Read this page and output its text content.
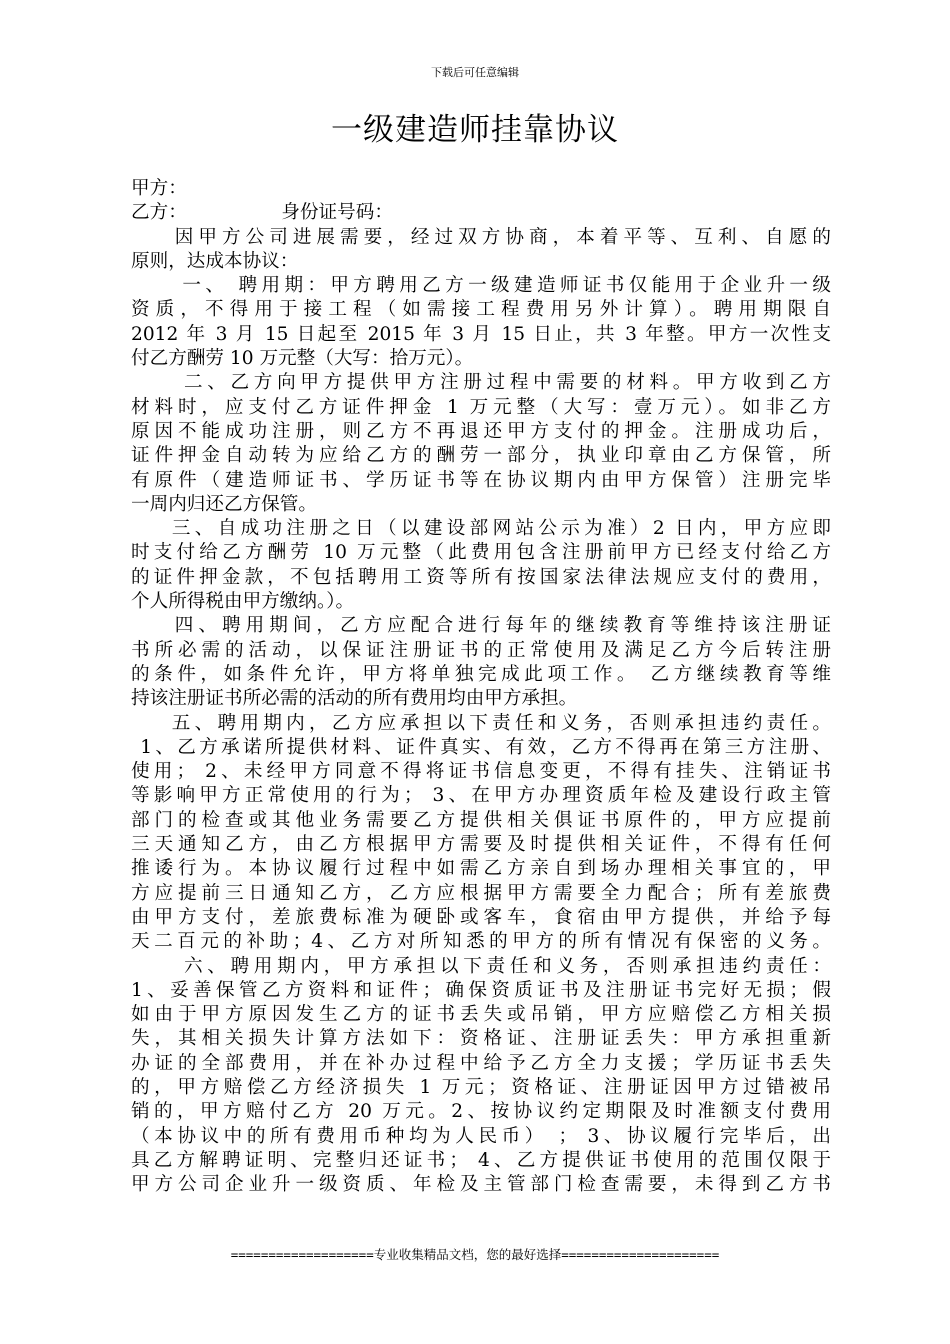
下载后可任意编辑
一级建造师挂靠协议
甲方：
乙方：                身份证号码：
因甲方公司进展需要，经过双方协商，本着平等、互利、自愿的
原则，达成本协议：
一、 聘用期：甲方聘用乙方一级建造师证书仅能用于企业升一级
资质，不得用于接工程（如需接工程费用另外计算）。聘用期限自
2012 年 3 月 15 日起至 2015 年 3 月 15 日止，共 3 年整。甲方一次性支
付乙方酬劳 10 万元整（大写：拾万元）。
二、乙方向甲方提供甲方注册过程中需要的材料。甲方收到乙方
材料时，应支付乙方证件押金 1 万元整（大写：壹万元）。如非乙方
原因不能成功注册，则乙方不再退还甲方支付的押金。注册成功后，
证件押金自动转为应给乙方的酬劳一部分，执业印章由乙方保管，所
有原件（建造师证书、学历证书等在协议期内由甲方保管）注册完毕
一周内归还乙方保管。
三、自成功注册之日（以建设部网站公示为准）2 日内，甲方应即
时支付给乙方酬劳 10 万元整（此费用包含注册前甲方已经支付给乙方
的证件押金款，不包括聘用工资等所有按国家法律法规应支付的费用，
个人所得税由甲方缴纳。）。
四、聘用期间，乙方应配合进行每年的继续教育等维持该注册证
书所必需的活动，以保证注册证书的正常使用及满足乙方今后转注册
的条件，如条件允许，甲方将单独完成此项工作。 乙方继续教育等维
持该注册证书所必需的活动的所有费用均由甲方承担。
五、聘用期内，乙方应承担以下责任和义务，否则承担违约责任。
1、乙方承诺所提供材料、证件真实、有效，乙方不得再在第三方注册、
使用； 2、未经甲方同意不得将证书信息变更，不得有挂失、注销证书
等影响甲方正常使用的行为； 3、在甲方办理资质年检及建设行政主管
部门的检查或其他业务需要乙方提供相关俱证书原件的，甲方应提前
三天通知乙方，由乙方根据甲方需要及时提供相关证件，不得有任何
推诿行为。本协议履行过程中如需乙方亲自到场办理相关事宜的，甲
方应提前三日通知乙方，乙方应根据甲方需要全力配合；所有差旅费
由甲方支付，差旅费标准为硬卧或客车，食宿由甲方提供，并给予每
天二百元的补助；4、乙方对所知悉的甲方的所有情况有保密的义务。
六、聘用期内，甲方承担以下责任和义务，否则承担违约责任：
1、妥善保管乙方资料和证件；确保资质证书及注册证书完好无损；假
如由于甲方原因发生乙方的证书丢失或吊销，甲方应赔偿乙方相关损
失，其相关损失计算方法如下：资格证、注册证丢失：甲方承担重新
办证的全部费用，并在补办过程中给予乙方全力支援；学历证书丢失
的，甲方赔偿乙方经济损失 1 万元；资格证、注册证因甲方过错被吊
销的，甲方赔付乙方 20 万元。2、按协议约定期限及时准额支付费用
（本协议中的所有费用币种均为人民币） ； 3、协议履行完毕后，出
具乙方解聘证明、完整归还证书； 4、乙方提供证书使用的范围仅限于
甲方公司企业升一级资质、年检及主管部门检查需要，未得到乙方书
===================专业收集精品文档，您的最好选择=====================
